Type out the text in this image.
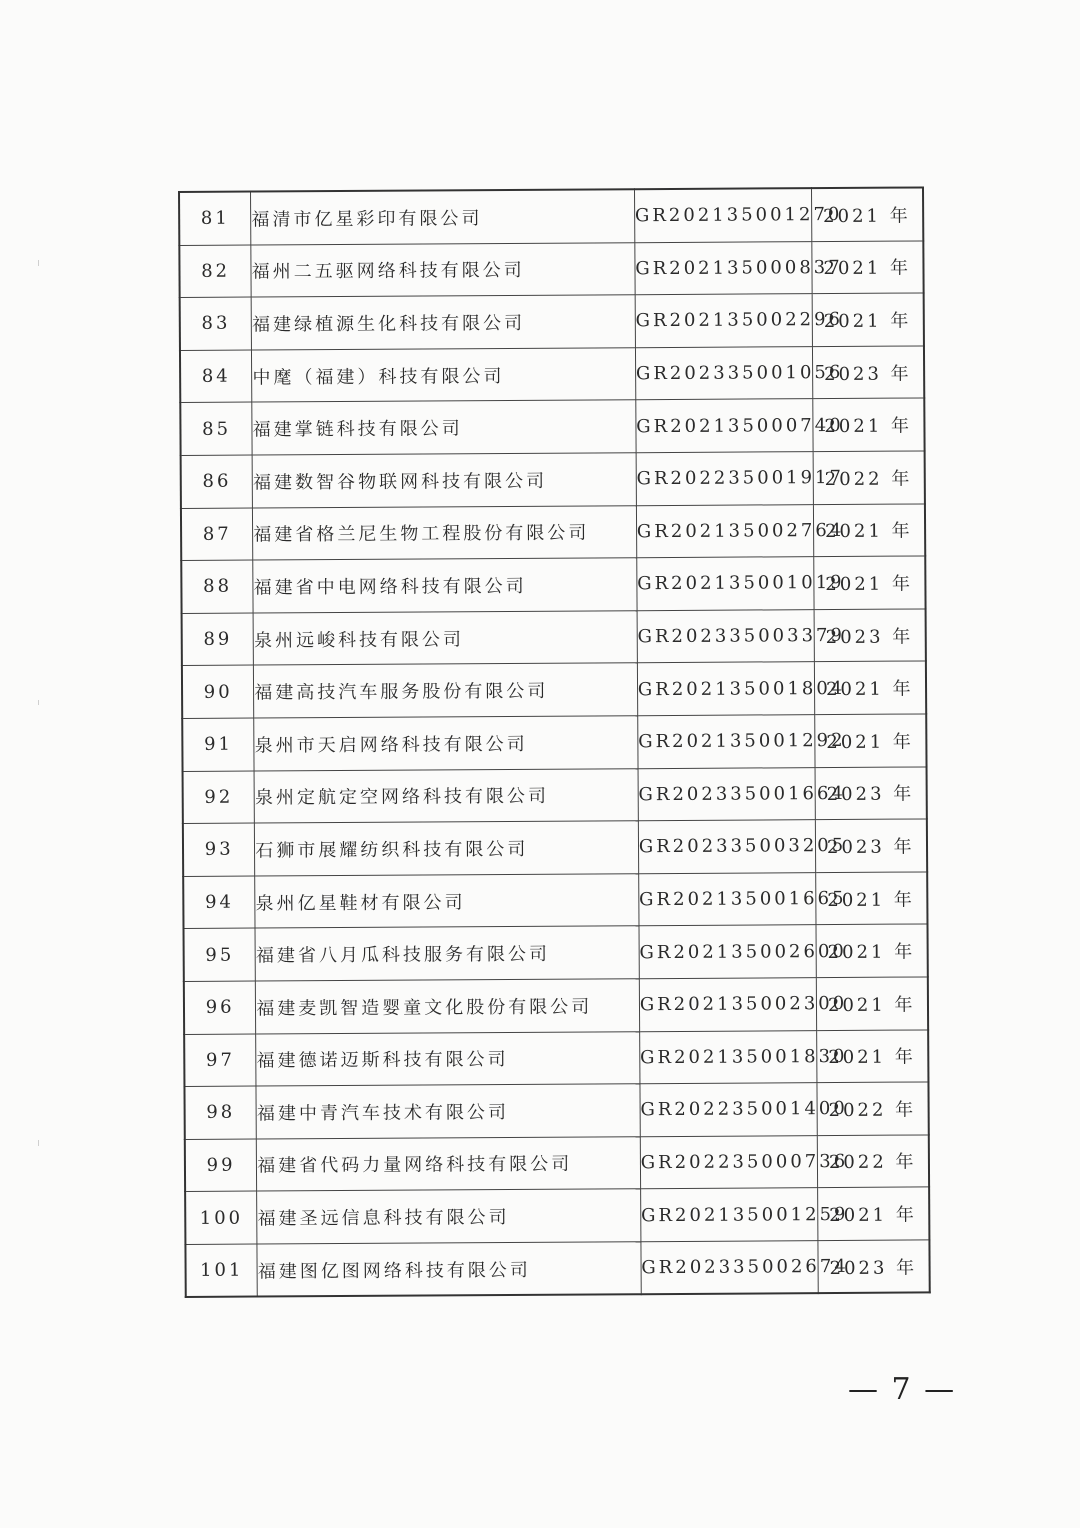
81	福清市亿星彩印有限公司	GR202135001270	2021 年
82	福州二五驱网络科技有限公司	GR202135000837	2021 年
83	福建绿植源生化科技有限公司	GR202135002296	2021 年
84	中麾（福建）科技有限公司	GR202335001056	2023 年
85	福建掌链科技有限公司	GR202135000740	2021 年
86	福建数智谷物联网科技有限公司	GR202235001917	2022 年
87	福建省格兰尼生物工程股份有限公司	GR202135002764	2021 年
88	福建省中电网络科技有限公司	GR202135001019	2021 年
89	泉州远峻科技有限公司	GR202335003379	2023 年
90	福建高技汽车服务股份有限公司	GR202135001804	2021 年
91	泉州市天启网络科技有限公司	GR202135001292	2021 年
92	泉州定航定空网络科技有限公司	GR202335001664	2023 年
93	石狮市展耀纺织科技有限公司	GR202335003205	2023 年
94	泉州亿星鞋材有限公司	GR202135001665	2021 年
95	福建省八月瓜科技服务有限公司	GR202135002600	2021 年
96	福建麦凯智造婴童文化股份有限公司	GR202135002300	2021 年
97	福建德诺迈斯科技有限公司	GR202135001830	2021 年
98	福建中青汽车技术有限公司	GR202235001400	2022 年
99	福建省代码力量网络科技有限公司	GR202235000736	2022 年
100	福建圣远信息科技有限公司	GR202135001259	2021 年
101	福建图亿图网络科技有限公司	GR202335002674	2023 年
— 7 —
